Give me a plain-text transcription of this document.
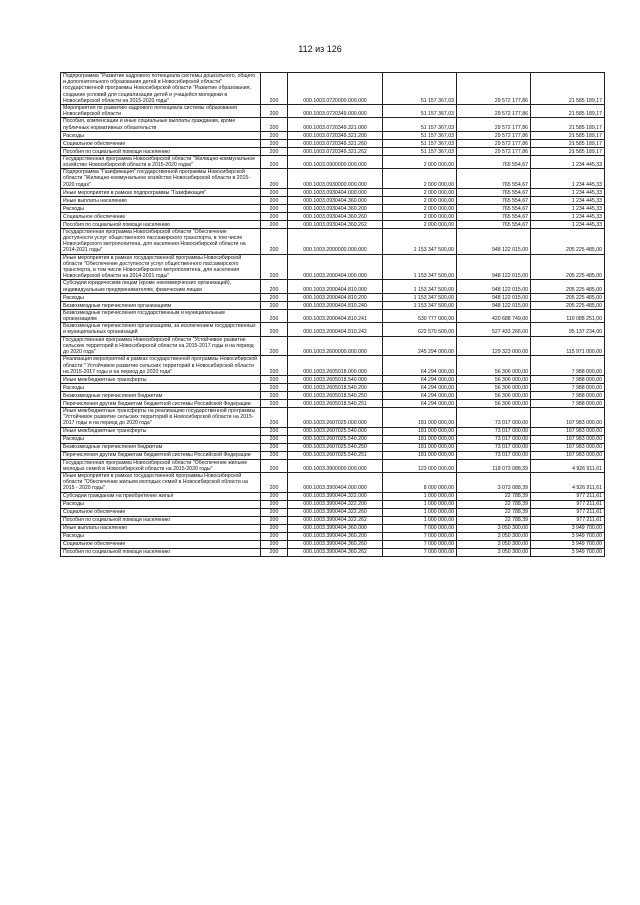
112 из 126
Подпрограмма "Развитие кадрового потенциала системы дошкольного, общего и дополнительного образования детей в Новосибирской области" государственной программы Новосибирской области "Развитие образования, создание условий для социализации детей и учащейся молодежи в Новосибирской области на 2015-2020 годы"	200	000.1003.0720000.000.000	51 157 367,03	29 572 177,86	21 585 189,17
Мероприятия по развитию кадрового потенциала системы образования Новосибирской области	200	000.1003.0720349.000.000	51 157 367,03	29 572 177,86	21 585 189,17
Пособия, компенсации и иные социальные выплаты гражданам, кроме публичных нормативных обязательств	200	000.1003.0720349.321.000	51 157 367,03	29 572 177,86	21 585 189,17
Расходы	200	000.1003.0720349.321.200	51 157 367,03	29 572 177,86	21 585 189,17
Социальное обеспечение	200	000.1003.0720349.321.260	51 157 367,03	29 572 177,86	21 585 189,17
Пособия по социальной помощи населению	200	000.1003.0720349.321.262	51 157 367,03	29 572 177,86	21 585 189,17
Государственная программа Новосибирской области "Жилищно-коммунальное хозяйство Новосибирской области в 2015-2020 годах"	200	000.1003.0900000.000.000	2 000 000,00	765 554,67	1 234 445,33
Подпрограмма "Газификация" государственной программы Новосибирской области "Жилищно-коммунальное хозяйство Новосибирской области в 2015-2020 годах"	200	000.1003.0930000.000.000	2 000 000,00	765 554,67	1 234 445,33
Иные мероприятия в рамках подпрограммы "Газификация"	200	000.1003.0930404.000.000	2 000 000,00	765 554,67	1 234 445,33
Иные выплаты населению	200	000.1003.0930404.360.000	2 000 000,00	765 554,67	1 234 445,33
Расходы	200	000.1003.0930404.360.200	2 000 000,00	765 554,67	1 234 445,33
Социальное обеспечение	200	000.1003.0930404.360.260	2 000 000,00	765 554,67	1 234 445,33
Пособия по социальной помощи населению	200	000.1003.0930404.360.262	2 000 000,00	765 554,67	1 234 445,33
Государственная программа Новосибирской области "Обеспечение доступности услуг общественного пассажирского транспорта, в том числе Новосибирского метрополитена, для населения Новосибирской области на 2014-2021 годы"	200	000.1003.2000000.000.000	1 153 347 500,00	948 122 015,00	205 225 485,00
Иные мероприятия в рамках государственной программы Новосибирской области "Обеспечение доступности услуг общественного пассажирского транспорта, в том числе Новосибирского метрополитена, для населения Новосибирской области на 2014-2021 годы"	200	000.1003.2000404.000.000	1 153 347 500,00	948 122 015,00	205 225 485,00
Субсидии юридическим лицам (кроме некоммерческих организаций), индивидуальным предпринимателям, физическим лицам	200	000.1003.2000404.810.000	1 153 347 500,00	948 122 015,00	205 225 485,00
Расходы	200	000.1003.2000404.810.200	1 153 347 500,00	948 122 015,00	205 225 485,00
Безвозмездные перечисления организациям	200	000.1003.2000404.810.240	1 153 347 500,00	948 122 015,00	205 225 485,00
Безвозмездные перечисления государственным и муниципальным организациям	200	000.1003.2000404.810.241	530 777 000,00	420 688 749,00	110 088 251,00
Безвозмездные перечисления организациям, за исключением государственных и муниципальных организаций	200	000.1003.2000404.810.242	622 570 500,00	527 433 266,00	95 137 234,00
Государственная программа Новосибирской области "Устойчивое развитие сельских территорий в Новосибирской области на 2015-2017 годы и на период до 2020 года"	200	000.1003.2600000.000.000	245 294 000,00	129 323 000,00	115 971 000,00
Реализация мероприятий в рамках государственной программы Новосибирской области " Устойчивое развитие сельских территорий в Новосибирской области на 2015-2017 годы и на период до 2020 года"	200	000.1003.2605018.000.000	64 294 000,00	56 306 000,00	7 988 000,00
Иные межбюджетные трансферты	200	000.1003.2605018.540.000	64 294 000,00	56 306 000,00	7 988 000,00
Расходы	200	000.1003.2605018.540.200	64 294 000,00	56 306 000,00	7 988 000,00
Безвозмездные перечисления бюджетам	200	000.1003.2605018.540.250	64 294 000,00	56 306 000,00	7 988 000,00
Перечисления другим бюджетам бюджетной системы Российской Федерации	200	000.1003.2605018.540.251	64 294 000,00	56 306 000,00	7 988 000,00
Иные межбюджетные трансферты на реализацию государственной программы "Устойчивое развитие сельских территорий в Новосибирской области на 2015-2017 годы и на период до 2020 года"	200	000.1003.2607025.000.000	181 000 000,00	73 017 000,00	107 983 000,00
Иные межбюджетные трансферты	200	000.1003.2607025.540.000	181 000 000,00	73 017 000,00	107 983 000,00
Расходы	200	000.1003.2607025.540.200	181 000 000,00	73 017 000,00	107 983 000,00
Безвозмездные перечисления бюджетам	200	000.1003.2607025.540.250	181 000 000,00	73 017 000,00	107 983 000,00
Перечисления другим бюджетам бюджетной системы Российской Федерации	200	000.1003.2607025.540.251	181 000 000,00	73 017 000,00	107 983 000,00
Государственная программа Новосибирской области "Обеспечение жильем молодых семей в Новосибирской области на 2015-2020 годы"	200	000.1003.3900000.000.000	123 000 000,00	118 073 088,39	4 926 911,61
Иные мероприятия в рамках государственной программы Новосибирской области "Обеспечение жильем молодых семей в Новосибирской области на 2015 - 2020 годы"	200	000.1003.3900404.000.000	8 000 000,00	3 073 088,39	4 926 911,61
Субсидии гражданам на приобретение жилья	200	000.1003.3900404.322.000	1 000 000,00	22 788,39	977 211,61
Расходы	200	000.1003.3900404.322.200	1 000 000,00	22 788,39	977 211,61
Социальное обеспечение	200	000.1003.3900404.322.260	1 000 000,00	22 788,39	977 211,61
Пособия по социальной помощи населению	200	000.1003.3900404.322.262	1 000 000,00	22 788,39	977 211,61
Иные выплаты населению	200	000.1003.3900404.360.000	7 000 000,00	3 050 300,00	3 949 700,00
Расходы	200	000.1003.3900404.360.200	7 000 000,00	3 050 300,00	3 949 700,00
Социальное обеспечение	200	000.1003.3900404.360.260	7 000 000,00	3 050 300,00	3 949 700,00
Пособия по социальной помощи населению	200	000.1003.3900404.360.262	7 000 000,00	3 050 300,00	3 949 700,00
